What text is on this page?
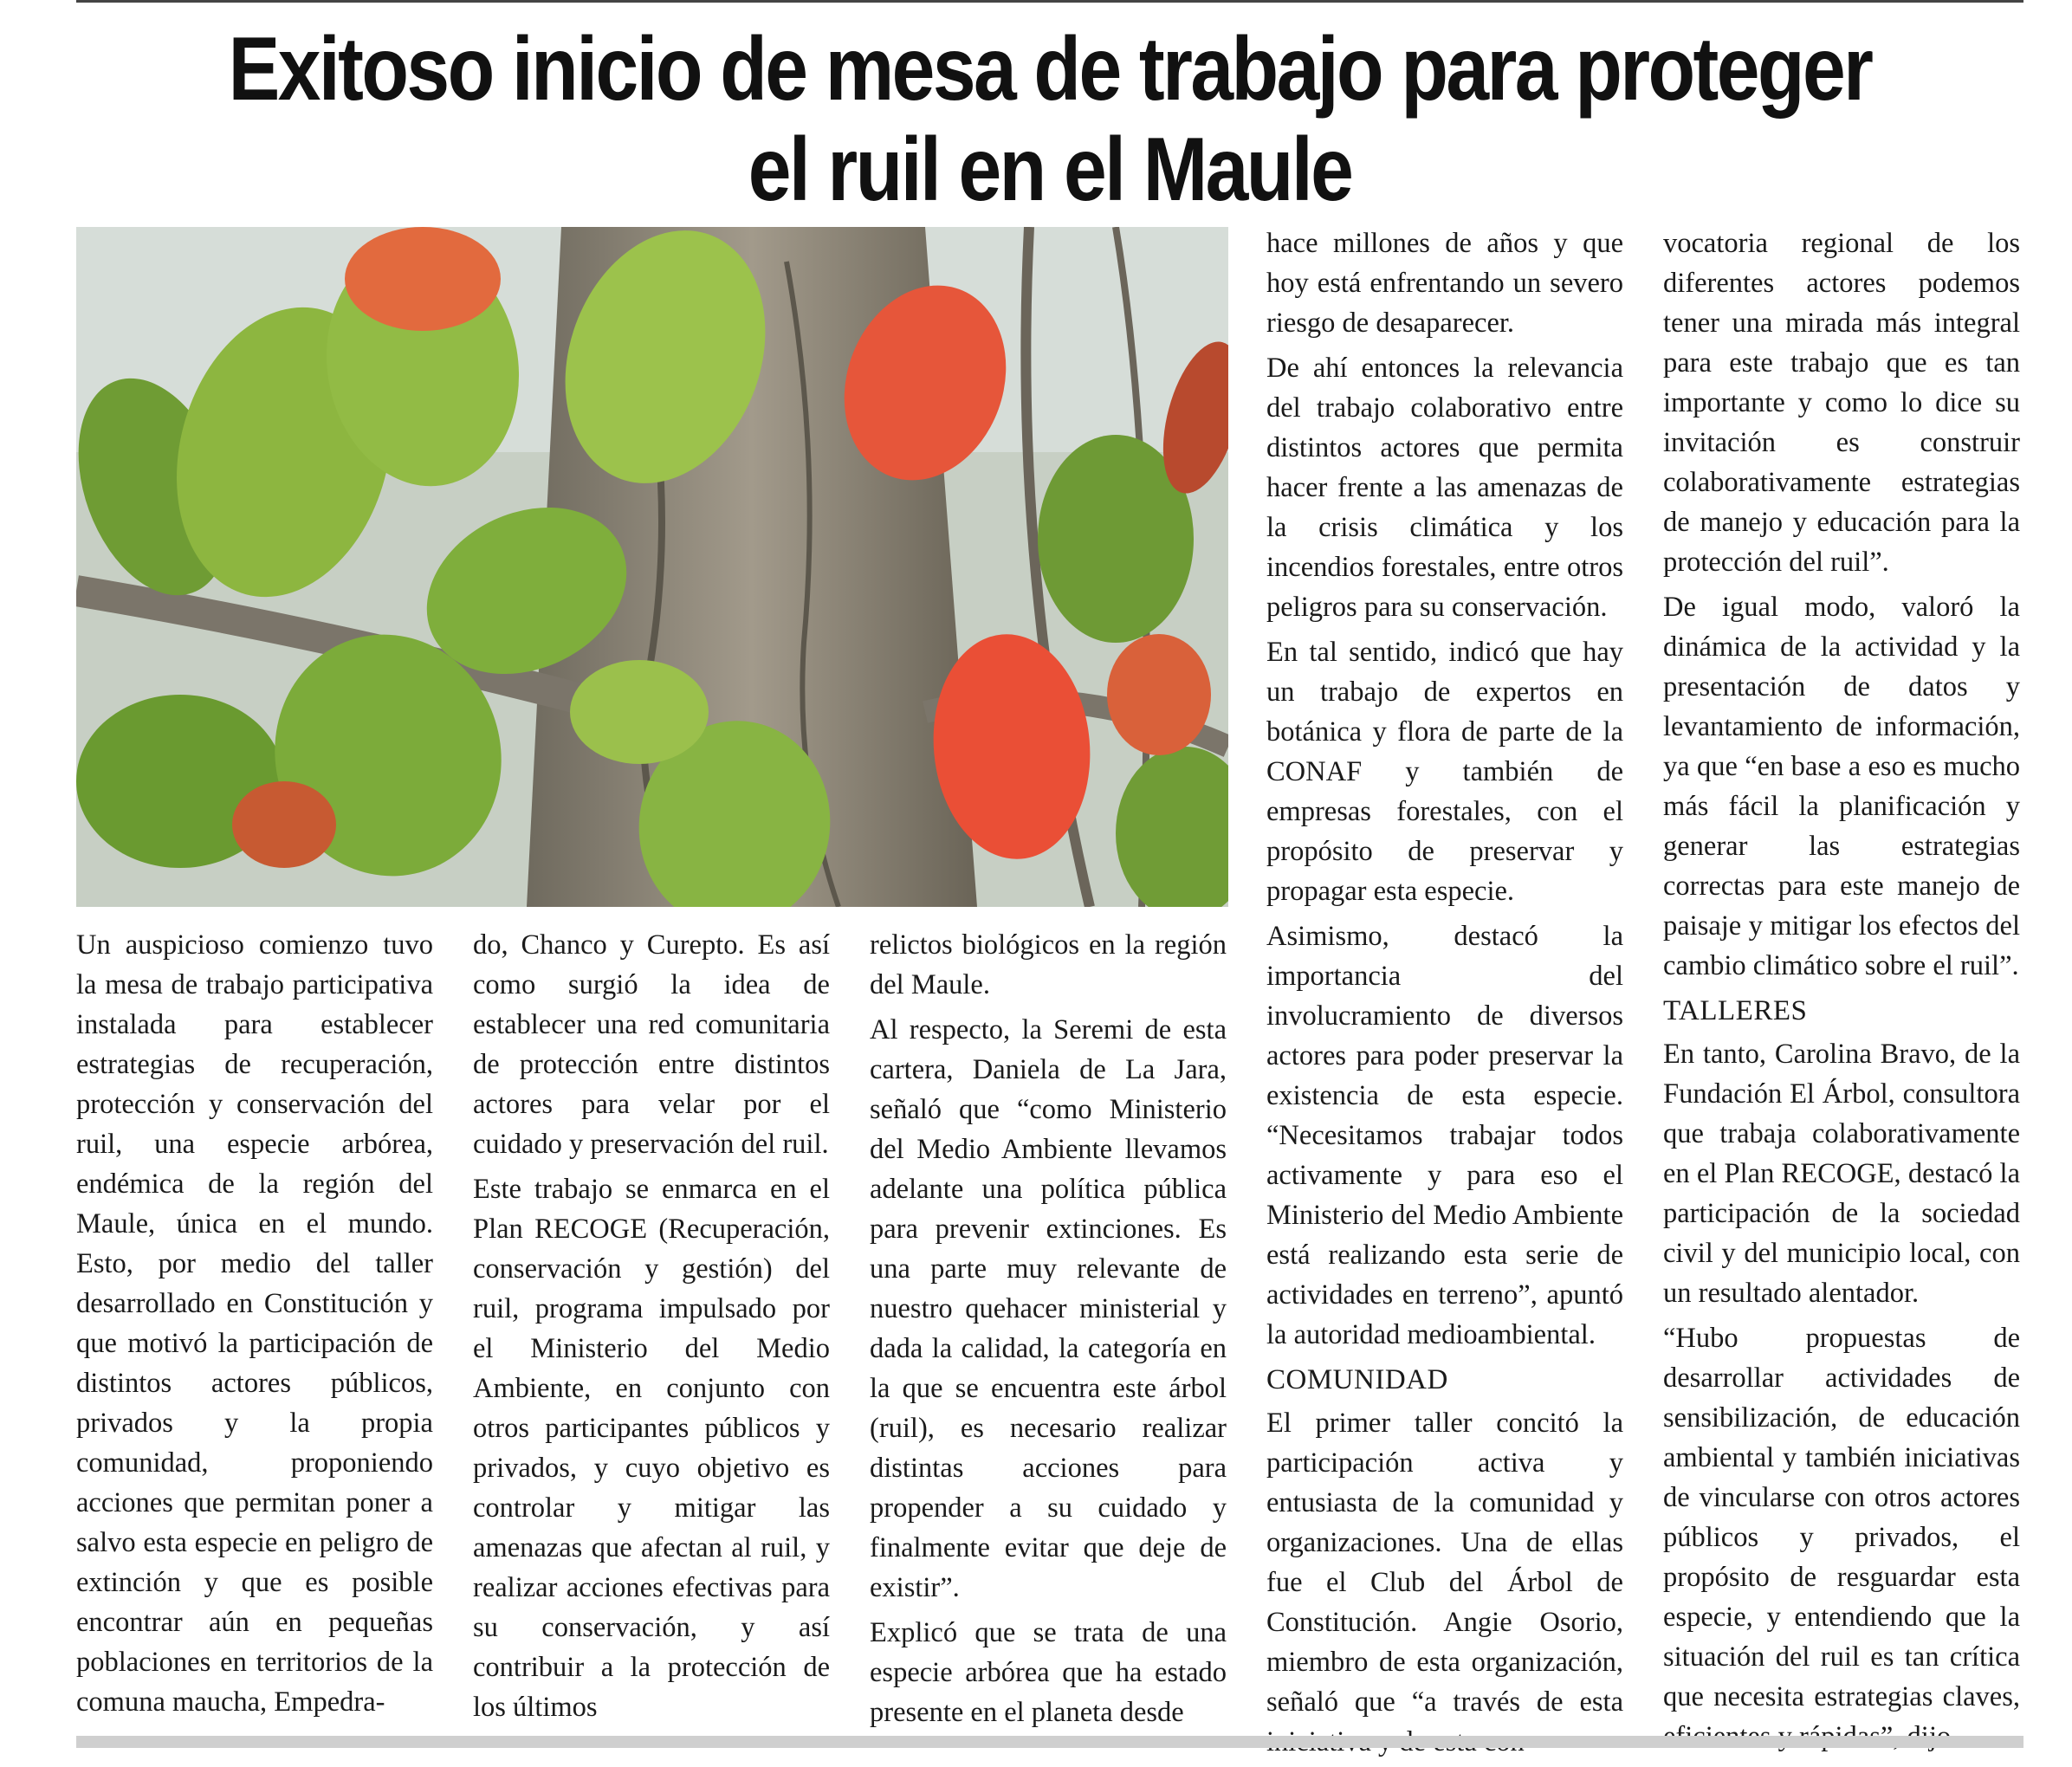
Exitoso inicio de mesa de trabajo para proteger el ruil en el Maule

Un auspicioso comienzo tuvo la mesa de trabajo participativa instalada para establecer estrategias de recuperación, protección y conservación del ruil, una especie arbórea, endémica de la región del Maule, única en el mundo. Esto, por medio del taller desarrollado en Constitución y que motivó la participación de distintos actores públicos, privados y la propia comunidad, proponiendo acciones que permitan poner a salvo esta especie en peligro de extinción y que es posible encontrar aún en pequeñas poblaciones en territorios de la comuna maucha, Empedra-

do, Chanco y Curepto. Es así como surgió la idea de establecer una red comunitaria de protección entre distintos actores para velar por el cuidado y preservación del ruil.

Este trabajo se enmarca en el Plan RECOGE (Recuperación, conservación y gestión) del ruil, programa impulsado por el Ministerio del Medio Ambiente, en conjunto con otros participantes públicos y privados, y cuyo objetivo es controlar y mitigar las amenazas que afectan al ruil, y realizar acciones efectivas para su conservación, y así contribuir a la protección de los últimos

relictos biológicos en la región del Maule.

Al respecto, la Seremi de esta cartera, Daniela de La Jara, señaló que “como Ministerio del Medio Ambiente llevamos adelante una política pública para prevenir extinciones. Es una parte muy relevante de nuestro quehacer ministerial y dada la calidad, la categoría en la que se encuentra este árbol (ruil), es necesario realizar distintas acciones para propender a su cuidado y finalmente evitar que deje de existir”.

Explicó que se trata de una especie arbórea que ha estado presente en el planeta desde

hace millones de años y que hoy está enfrentando un severo riesgo de desaparecer.

De ahí entonces la relevancia del trabajo colaborativo entre distintos actores que permita hacer frente a las amenazas de la crisis climática y los incendios forestales, entre otros peligros para su conservación.

En tal sentido, indicó que hay un trabajo de expertos en botánica y flora de parte de la CONAF y también de empresas forestales, con el propósito de preservar y propagar esta especie.

Asimismo, destacó la importancia del involucramiento de diversos actores para poder preservar la existencia de esta especie. “Necesitamos trabajar todos activamente y para eso el Ministerio del Medio Ambiente está realizando esta serie de actividades en terreno”, apuntó la autoridad medioambiental.

COMUNIDAD

El primer taller concitó la participación activa y entusiasta de la comunidad y organizaciones. Una de ellas fue el Club del Árbol de Constitución. Angie Osorio, miembro de esta organización, señaló que “a través de esta

vocatoria regional de los diferentes actores podemos tener una mirada más integral para este trabajo que es tan importante y como lo dice su invitación es construir colaborativamente estrategias de manejo y educación para la protección del ruil”.

De igual modo, valoró la dinámica de la actividad y la presentación de datos y levantamiento de información, ya que “en base a eso es mucho más fácil la planificación y generar las estrategias correctas para este manejo de paisaje y mitigar los efectos del cambio climático sobre el ruil”.

TALLERES

En tanto, Carolina Bravo, de la Fundación El Árbol, consultora que trabaja colaborativamente en el Plan RECOGE, destacó la participación de la sociedad civil y del municipio local, con un resultado alentador.

“Hubo propuestas de desarrollar actividades de sensibilización, de educación ambiental y también iniciativas de vincularse con otros actores públicos y privados, el propósito de resguardar esta especie, y entendiendo que la situación del ruil es tan crítica que necesita estrategias claves,
